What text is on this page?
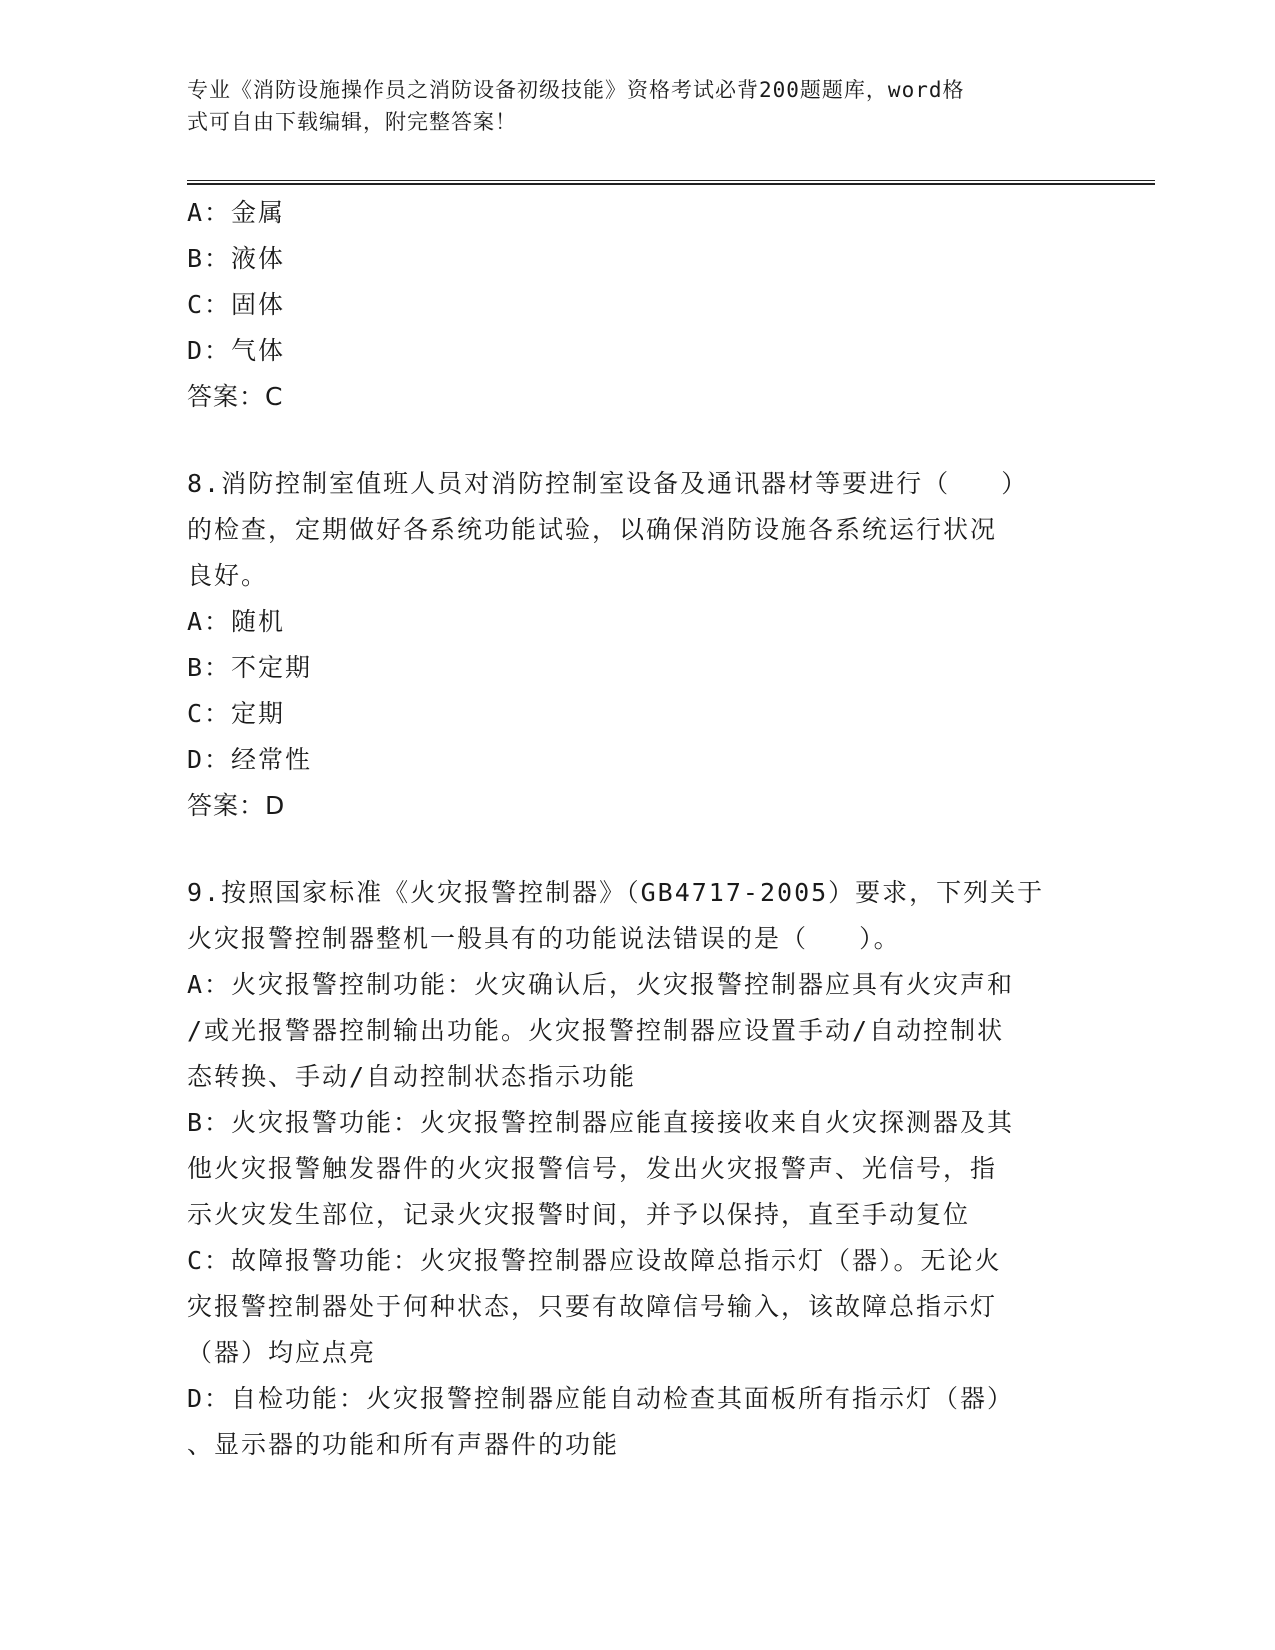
专业《消防设施操作员之消防设备初级技能》资格考试必背200题题库，word格
式可自由下载编辑，附完整答案！
A：金属
B：液体
C：固体
D：气体
答案：C
8.消防控制室值班人员对消防控制室设备及通讯器材等要进行（   ）
的检查，定期做好各系统功能试验，以确保消防设施各系统运行状况
良好。
A：随机
B：不定期
C：定期
D：经常性
答案：D
9.按照国家标准《火灾报警控制器》（GB4717-2005）要求，下列关于
火灾报警控制器整机一般具有的功能说法错误的是（   ）。
A：火灾报警控制功能：火灾确认后，火灾报警控制器应具有火灾声和
/或光报警器控制输出功能。火灾报警控制器应设置手动/自动控制状
态转换、手动/自动控制状态指示功能
B：火灾报警功能：火灾报警控制器应能直接接收来自火灾探测器及其
他火灾报警触发器件的火灾报警信号，发出火灾报警声、光信号，指
示火灾发生部位，记录火灾报警时间，并予以保持，直至手动复位
C：故障报警功能：火灾报警控制器应设故障总指示灯（器）。无论火
灾报警控制器处于何种状态，只要有故障信号输入，该故障总指示灯
（器）均应点亮
D：自检功能：火灾报警控制器应能自动检查其面板所有指示灯（器）
、显示器的功能和所有声器件的功能
